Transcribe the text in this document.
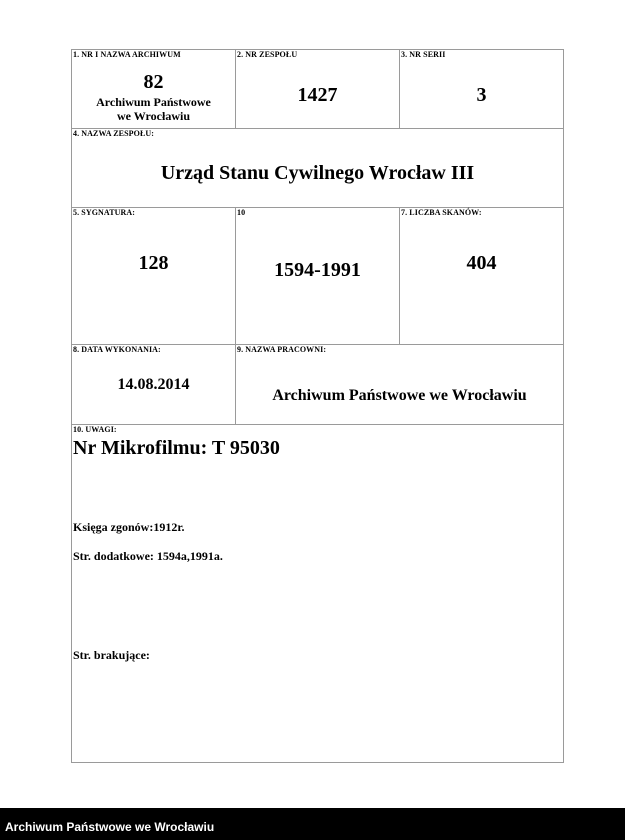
1. NR I NAZWA ARCHIWUM
82
Archiwum Państwowe
we Wrocławiu
2. NR ZESPOŁU
1427
3. NR SERII
3
4. NAZWA ZESPOŁU:
Urząd Stanu Cywilnego Wrocław III
5. SYGNATURA:
128
10
1594-1991
7. LICZBA SKANÓW:
404
8. DATA WYKONANIA:
14.08.2014
9. NAZWA PRACOWNI:
Archiwum Państwowe we Wrocławiu
10. UWAGI:
Nr Mikrofilmu: T 95030
Księga zgonów:1912r.
Str. dodatkowe: 1594a,1991a.
Str. brakujące:
Archiwum Państwowe we Wrocławiu
